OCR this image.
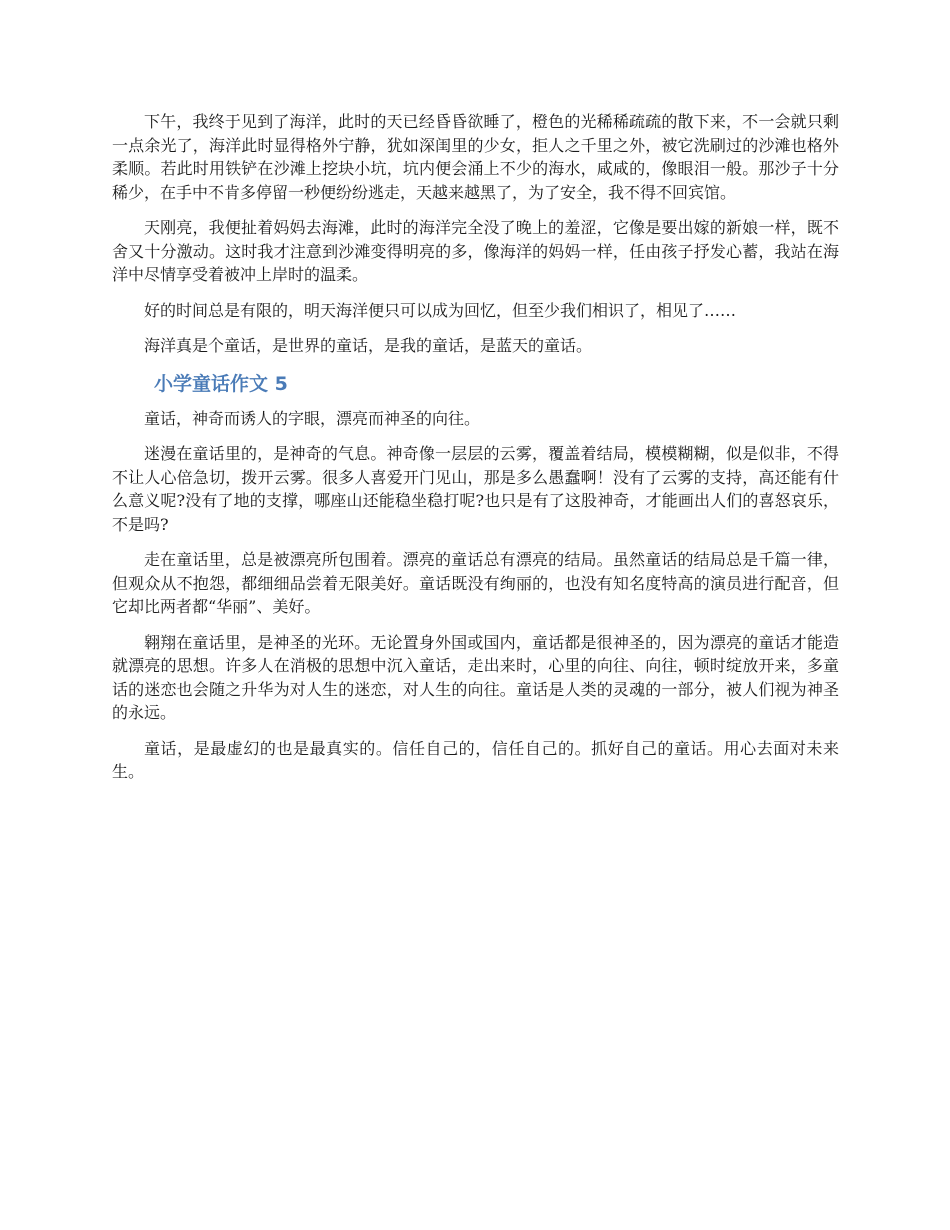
下午，我终于见到了海洋，此时的天已经昏昏欲睡了，橙色的光稀稀疏疏的散下来，不一会就只剩一点余光了，海洋此时显得格外宁静，犹如深闺里的少女，拒人之千里之外，被它洗刷过的沙滩也格外柔顺。若此时用铁铲在沙滩上挖块小坑，坑内便会涌上不少的海水，咸咸的，像眼泪一般。那沙子十分稀少，在手中不肯多停留一秒便纷纷逃走，天越来越黑了，为了安全，我不得不回宾馆。

天刚亮，我便扯着妈妈去海滩，此时的海洋完全没了晚上的羞涩，它像是要出嫁的新娘一样，既不舍又十分激动。这时我才注意到沙滩变得明亮的多，像海洋的妈妈一样，任由孩子抒发心蓄，我站在海洋中尽情享受着被冲上岸时的温柔。

好的时间总是有限的，明天海洋便只可以成为回忆，但至少我们相识了，相见了……

海洋真是个童话，是世界的童话，是我的童话，是蓝天的童话。

小学童话作文 5

童话，神奇而诱人的字眼，漂亮而神圣的向往。

迷漫在童话里的，是神奇的气息。神奇像一层层的云雾，覆盖着结局，模模糊糊，似是似非，不得不让人心倍急切，拨开云雾。很多人喜爱开门见山，那是多么愚蠢啊！没有了云雾的支持，高还能有什么意义呢?没有了地的支撑，哪座山还能稳坐稳打呢?也只是有了这股神奇，才能画出人们的喜怒哀乐，不是吗?

走在童话里，总是被漂亮所包围着。漂亮的童话总有漂亮的结局。虽然童话的结局总是千篇一律，但观众从不抱怨，都细细品尝着无限美好。童话既没有绚丽的，也没有知名度特高的演员进行配音，但它却比两者都“华丽”、美好。

翱翔在童话里，是神圣的光环。无论置身外国或国内，童话都是很神圣的，因为漂亮的童话才能造就漂亮的思想。许多人在消极的思想中沉入童话，走出来时，心里的向往、向往，顿时绽放开来，多童话的迷恋也会随之升华为对人生的迷恋，对人生的向往。童话是人类的灵魂的一部分，被人们视为神圣的永远。

童话，是最虚幻的也是最真实的。信任自己的，信任自己的。抓好自己的童话。用心去面对未来生。
